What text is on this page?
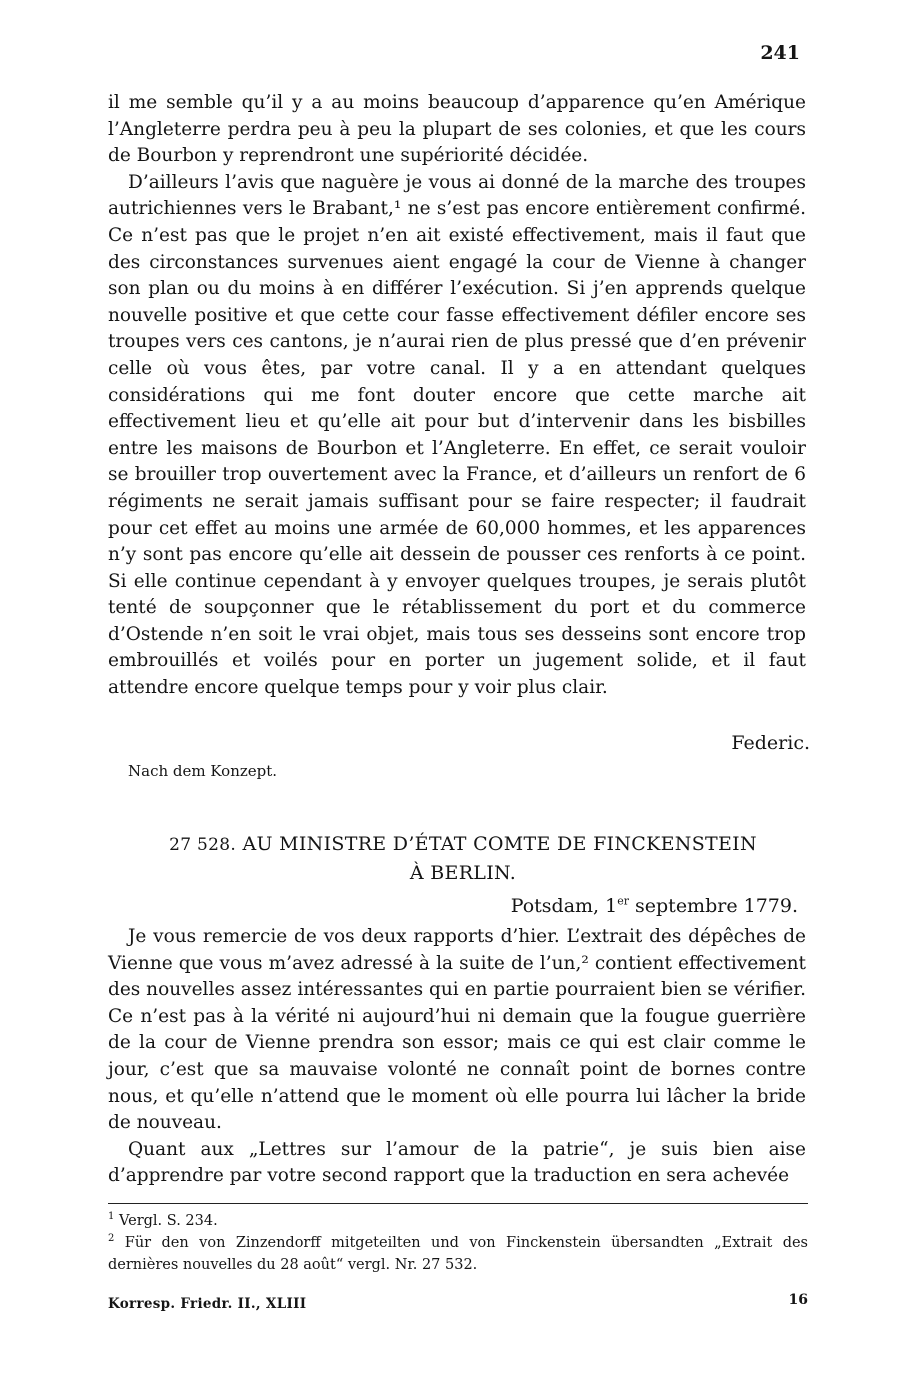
241

il me semble qu’il y a au moins beaucoup d’apparence qu’en Amérique l’Angleterre perdra peu à peu la plupart de ses colonies, et que les cours de Bourbon y reprendront une supériorité décidée.

D’ailleurs l’avis que naguère je vous ai donné de la marche des troupes autrichiennes vers le Brabant,¹ ne s’est pas encore entièrement confirmé. Ce n’est pas que le projet n’en ait existé effectivement, mais il faut que des circonstances survenues aient engagé la cour de Vienne à changer son plan ou du moins à en différer l’exécution. Si j’en apprends quelque nouvelle positive et que cette cour fasse effectivement défiler encore ses troupes vers ces cantons, je n’aurai rien de plus pressé que d’en prévenir celle où vous êtes, par votre canal. Il y a en attendant quelques considérations qui me font douter encore que cette marche ait effectivement lieu et qu’elle ait pour but d’intervenir dans les bisbilles entre les maisons de Bourbon et l’Angleterre. En effet, ce serait vouloir se brouiller trop ouvertement avec la France, et d’ailleurs un renfort de 6 régiments ne serait jamais suffisant pour se faire respecter; il faudrait pour cet effet au moins une armée de 60,000 hommes, et les apparences n’y sont pas encore qu’elle ait dessein de pousser ces renforts à ce point. Si elle continue cependant à y envoyer quelques troupes, je serais plutôt tenté de soupçonner que le rétablissement du port et du commerce d’Ostende n’en soit le vrai objet, mais tous ses desseins sont encore trop embrouillés et voilés pour en porter un jugement solide, et il faut attendre encore quelque temps pour y voir plus clair.

Federic.
Nach dem Konzept.
27 528. AU MINISTRE D’ÉTAT COMTE DE FINCKENSTEIN
À BERLIN.
Potsdam, 1er septembre 1779.

Je vous remercie de vos deux rapports d’hier. L’extrait des dépêches de Vienne que vous m’avez adressé à la suite de l’un,² contient effectivement des nouvelles assez intéressantes qui en partie pourraient bien se vérifier. Ce n’est pas à la vérité ni aujourd’hui ni demain que la fougue guerrière de la cour de Vienne prendra son essor; mais ce qui est clair comme le jour, c’est que sa mauvaise volonté ne connaît point de bornes contre nous, et qu’elle n’attend que le moment où elle pourra lui lâcher la bride de nouveau.

Quant aux „Lettres sur l’amour de la patrie“, je suis bien aise d’apprendre par votre second rapport que la traduction en sera achevée

$^1$ Vergl. S. 234.

$^2$ Für den von Zinzendorff mitgeteilten und von Finckenstein übersandten „Extrait des dernières nouvelles du 28 août“ vergl. Nr. 27 532.

Korresp. Friedr. II., XLIII	16
